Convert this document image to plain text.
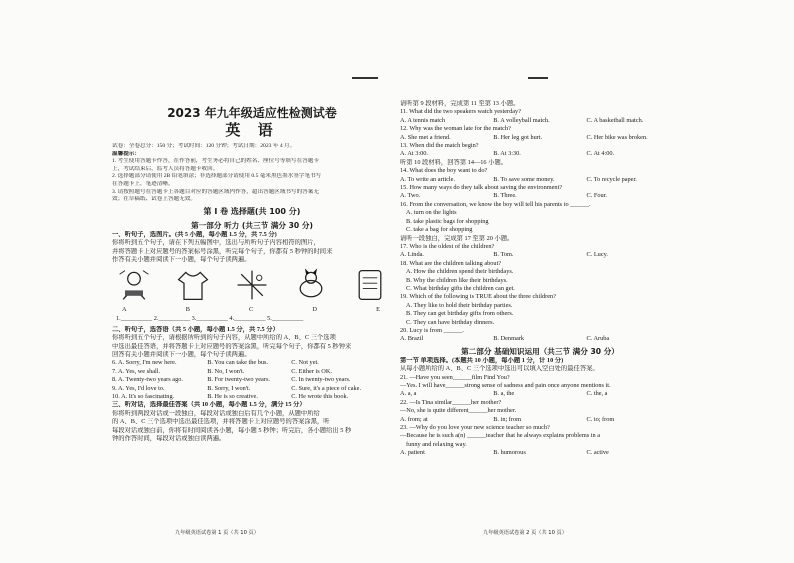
2023 年九年级适应性检测试卷
英 语
试卷：全卷总分：150 分；考试时间：120 分钟；考试日期：2023 年 4 月。
温馨提示：
1. 考生使用答题卡作答，在作答前，考生务必将自己的姓名、座位号等填写在答题卡
上，考试结束后，监考人员将答题卡收回。
2. 选择题部分请使用 2B 铅笔填涂；非选择题部分请使用 0.5 毫米黑色墨水签字笔书写
在答题卡上，笔迹清晰。
3. 请按照题号在答题卡上各题目对应的答题区域内作答，超出答题区域书写的答案无
效；在草稿纸、试卷上答题无效。
第 I 卷 选择题(共 100 分)
第一部分 听力 (共三节 满分 30 分)
一、听句子，选图片。(共 5 小题，每小题 1.5 分，共 7.5 分)
你将听到五个句子，请在下列五幅图中，选出与所听句子内容相符的图片，
并将答题卡上对应题号的答案标号涂黑，听完每个句子，你都有 5 秒钟的时间来
作答有关小题并阅读下一小题，每个句子读两遍。
A	B	C	D	E
1.__________ 2.__________ 3.__________ 4.__________ 5.__________
二、听句子，选答语（共 5 小题，每小题 1.5 分，共 7.5 分）
你将听到五个句子，请根据所听到的句子内容，从题中所给的 A、B、C 三个选项
中选出最佳答语，并将答题卡上对应题号的答案涂黑，听完每个句子，你都有 5 秒钟来
回答有关小题并阅读下一小题，每个句子读两遍。
6. A. Sorry, I'm new here.	B. You can take the bus.	C. Not yet.
7. A. Yes, we shall.	B. No, I won't.	C. Either is OK.
8. A. Twenty-two years ago.	B. For twenty-two years.	C. In twenty-two years.
9. A. Yes, I'd love to.	B. Sorry, I won't.	C. Sure, it's a piece of cake.
10. A. It's so fascinating.	B. He is so creative.	C. He wrote this book.
三、听对话，选择最佳答案（共 10 小题，每小题 1.5 分，满分 15 分）
你将听到两段对话或一段独白，每段对话或独白后有几个小题，从题中所给
的 A、B、C 三个选项中选出最佳选项，并将答题卡上对应题号的答案涂黑，听
每段对话或独白前，你将有时间阅读各小题，每小题 5 秒钟；听完后，各小题给出 5 秒
钟的作答时间，每段对话或独白读两遍。
请听第 9 段材料，完成第 11 至第 13 小题。
11. What did the two speakers watch yesterday?
A. A tennis match	B. A volleyball match.	C. A basketball match.
12. Why was the woman late for the match?
A. She met a friend.	B. Her leg got hurt.	C. Her bike was broken.
13. When did the match begin?
A. At 3:00.	B. At 3:30.	C. At 4:00.
听第 10 段材料，回答第 14—16 小题。
14. What does the boy want to do?
A. To write an article.	B. To save some money.	C. To recycle paper.
15. How many ways do they talk about saving the environment?
A. Two.	B. Three.	C. Four.
16. From the conversation, we know the boy will tell his parents to ______.
A. turn on the lights
B. take plastic bags for shopping
C. take a bag for shopping
请听一段独白，完成第 17 至第 20 小题。
17. Who is the oldest of the children?
A. Linda.	B. Tom.	C. Lucy.
18. What are the children talking about?
A. How the children spend their birthdays.
B. Why the children like their birthdays.
C. What birthday gifts the children can get.
19. Which of the following is TRUE about the three children?
A. They like to hold their birthday parties.
B. They can get birthday gifts from others.
C. They can have birthday dinners.
20. Lucy is from ______.
A. Brazil	B. Denmark	C. Aruba
第二部分 基础知识运用（共三节 满分 30 分）
第一节 单项选择。(本题共 10 小题，每小题 1 分，计 10 分)
从每小题所给的 A、B、C 三个选项中选出可以填入空白处的最佳答案。
21. —Have you seen______film Find You?
—Yes. I will have______strong sense of sadness and pain once anyone mentions it.
A. a, a	B. a, the	C. the, a
22. —Is Tina similar______her mother?
—No, she is quite different______her mother.
A. from; at	B. in; from	C. to; from
23. —Why do you love your new science teacher so much?
—Because he is such a(n) ______teacher that he always explains problems in a
funny and relaxing way.
A. patient	B. humorous	C. active
九年级英语试卷第 1 页（共 10 页）	九年级英语试卷第 2 页（共 10 页）
